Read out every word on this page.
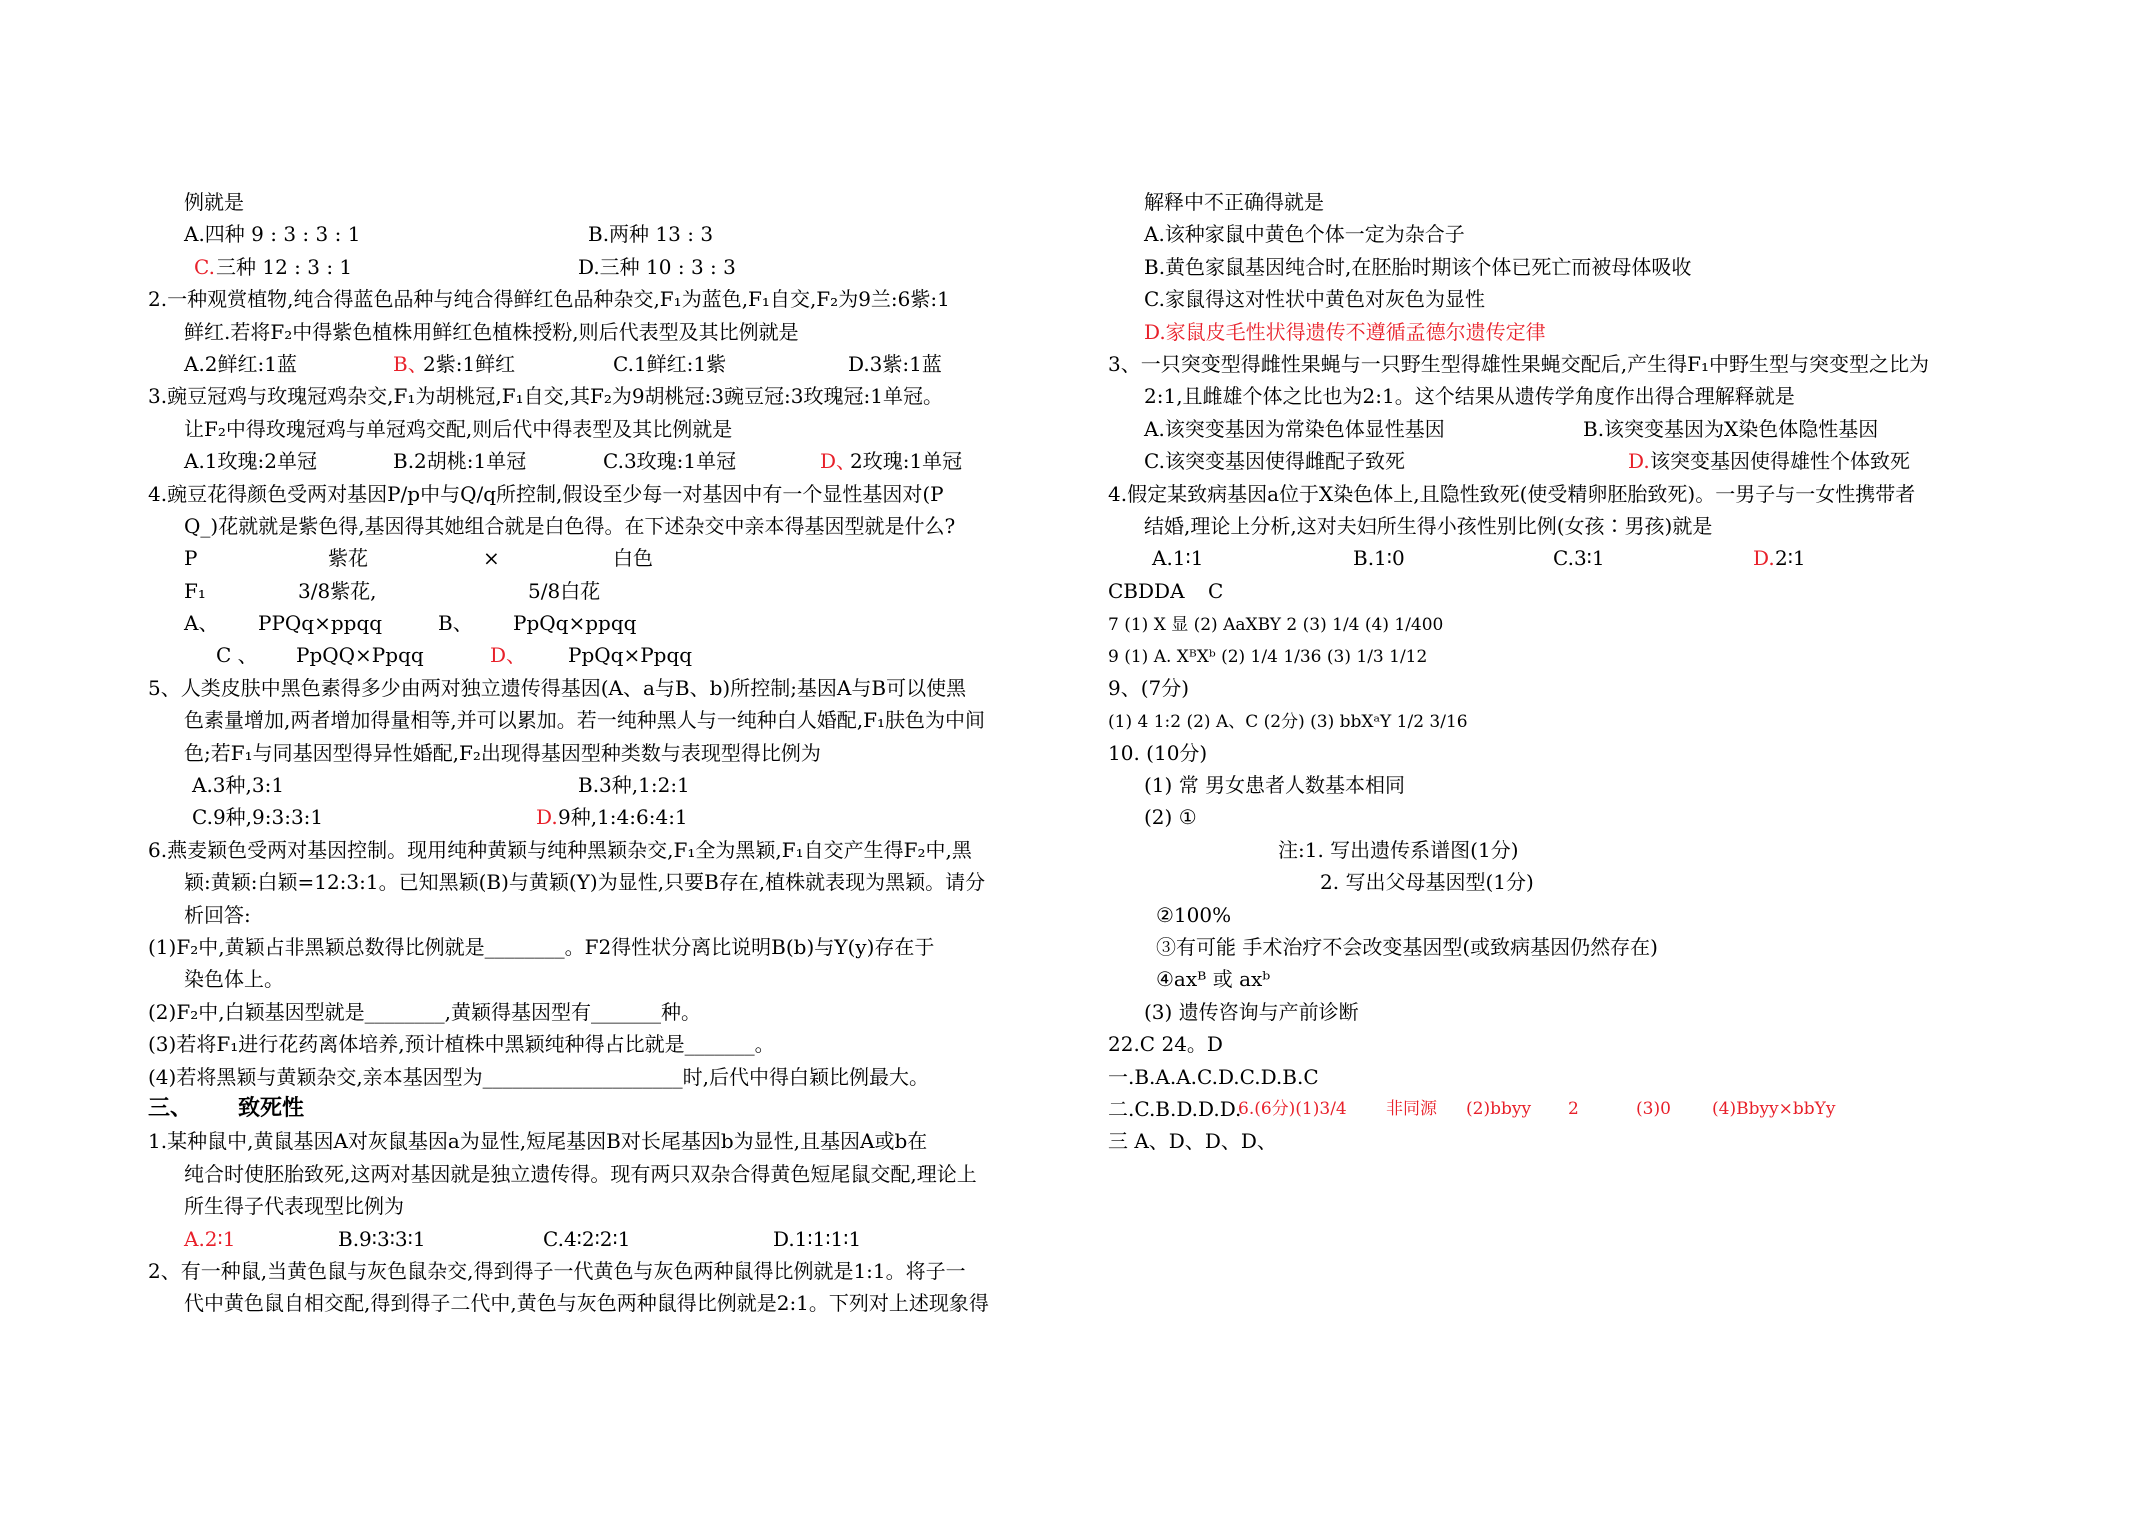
例就是
A.四种 9 : 3 : 3 : 1	B.两种 13 : 3
C. 三种 12 : 3 : 1	D.三种 10 : 3 : 3
2.一种观赏植物,纯合得蓝色品种与纯合得鲜红色品种杂交,F₁为蓝色,F₁自交,F₂为9兰:6紫:1
鲜红.若将F₂中得紫色植株用鲜红色植株授粉,则后代表型及其比例就是
A.2鲜红:1蓝	B、
2紫:1鲜红	C.1鲜红:1紫	D.3紫:1蓝
3.豌豆冠鸡与玫瑰冠鸡杂交,F₁为胡桃冠,F₁自交,其F₂为9胡桃冠:3豌豆冠:3玫瑰冠:1单冠。
让F₂中得玫瑰冠鸡与单冠鸡交配,则后代中得表型及其比例就是
A.1玫瑰:2单冠	B.2胡桃:1单冠	C.3玫瑰:1单冠	D、
2玫瑰:1单冠
4.豌豆花得颜色受两对基因P/p中与Q/q所控制,假设至少每一对基因中有一个显性基因对(P
Q_)花就就是紫色得,基因得其她组合就是白色得。在下述杂交中亲本得基因型就是什么?
P	紫花	×	白色
F₁	3/8紫花,	5/8白花
A、 PPQq×ppqq	B、 PpQq×ppqq
C 、 PpQQ×Ppqq	D、 PpQq×Ppqq
5、人类皮肤中黑色素得多少由两对独立遗传得基因(A、a与B、b)所控制;基因A与B可以使黑
色素量增加,两者增加得量相等,并可以累加。若一纯种黑人与一纯种白人婚配,F₁肤色为中间
色;若F₁与同基因型得异性婚配,F₂出现得基因型种类数与表现型得比例为
A.3种,3:1	B.3种,1:2:1
C.9种,9:3:3:1	D. 9种,1:4:6:4:1
6.燕麦颖色受两对基因控制。现用纯种黄颖与纯种黑颖杂交,F₁全为黑颖,F₁自交产生得F₂中,黑
颖:黄颖:白颖=12:3:1。已知黑颖(B)与黄颖(Y)为显性,只要B存在,植株就表现为黑颖。请分
析回答:
(1)F₂中,黄颖占非黑颖总数得比例就是________。F2得性状分离比说明B(b)与Y(y)存在于
染色体上。
(2)F₂中,白颖基因型就是________,黄颖得基因型有_______种。
(3)若将F₁进行花药离体培养,预计植株中黑颖纯种得占比就是_______。
(4)若将黑颖与黄颖杂交,亲本基因型为____________________时,后代中得白颖比例最大。
三、 致死性
1.某种鼠中,黄鼠基因A对灰鼠基因a为显性,短尾基因B对长尾基因b为显性,且基因A或b在
纯合时使胚胎致死,这两对基因就是独立遗传得。现有两只双杂合得黄色短尾鼠交配,理论上
所生得子代表现型比例为
A.2∶1	B.9∶3∶3∶1	C.4∶2∶2∶1	D.1∶1∶1∶1
2、有一种鼠,当黄色鼠与灰色鼠杂交,得到得子一代黄色与灰色两种鼠得比例就是1:1。将子一
代中黄色鼠自相交配,得到得子二代中,黄色与灰色两种鼠得比例就是2:1。下列对上述现象得
解释中不正确得就是
A.该种家鼠中黄色个体一定为杂合子
B.黄色家鼠基因纯合时,在胚胎时期该个体已死亡而被母体吸收
C.家鼠得这对性状中黄色对灰色为显性
D.家鼠皮毛性状得遗传不遵循孟德尔遗传定律
3、一只突变型得雌性果蝇与一只野生型得雄性果蝇交配后,产生得F₁中野生型与突变型之比为
2:1,且雌雄个体之比也为2:1。这个结果从遗传学角度作出得合理解释就是
A.该突变基因为常染色体显性基因	B.该突变基因为X染色体隐性基因
C.该突变基因使得雌配子致死	D. 该突变基因使得雄性个体致死
4.假定某致病基因a位于X染色体上,且隐性致死(使受精卵胚胎致死)。一男子与一女性携带者
结婚,理论上分析,这对夫妇所生得小孩性别比例(女孩∶男孩)就是
A.1∶1	B.1∶0	C.3∶1	D. 2∶1
CBDDA C
7 (1) X 显 (2) AaXBY 2 (3) 1/4 (4) 1/400
9 (1) A. XᴮXᵇ (2) 1/4 1/36 (3) 1/3 1/12
9、(7分)
(1) 4 1:2 (2) A、C (2分) (3) bbXᵃY 1/2 3/16
10. (10分)
(1) 常 男女患者人数基本相同
(2) ①
注:1. 写出遗传系谱图(1分)
2. 写出父母基因型(1分)
②100%
③有可能 手术治疗不会改变基因型(或致病基因仍然存在)
④axᴮ 或 axᵇ
(3) 遗传咨询与产前诊断
22.C 24。D
一.B.A.A.C.D.C.D.B.C
二.C.B.D.D.D.
6.(6分)(1)3/4 非同源 (2)bbyy 2	(3)0 (4)Bbyy×bbYy
三 A、D、D、D、
